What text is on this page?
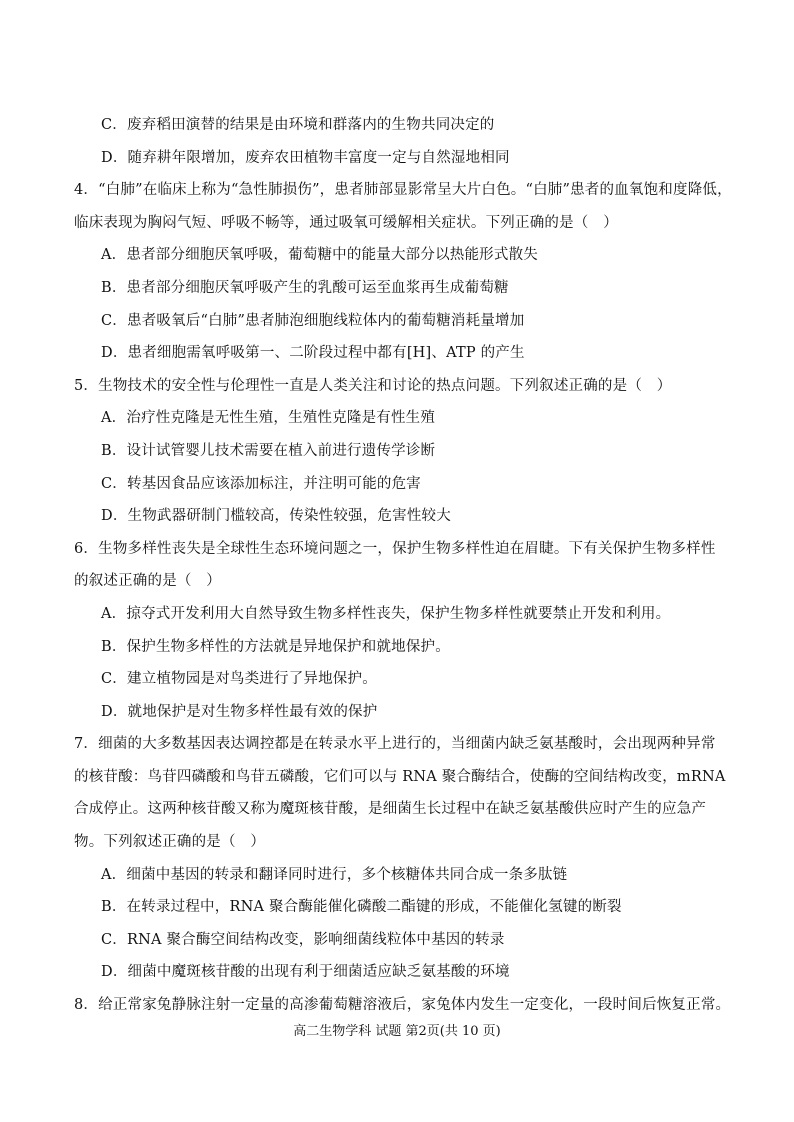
C．废弃稻田演替的结果是由环境和群落内的生物共同决定的
D．随弃耕年限增加，废弃农田植物丰富度一定与自然湿地相同
4．“白肺”在临床上称为“急性肺损伤”，患者肺部显影常呈大片白色。“白肺”患者的血氧饱和度降低，
临床表现为胸闷气短、呼吸不畅等，通过吸氧可缓解相关症状。下列正确的是（　）
A．患者部分细胞厌氧呼吸，葡萄糖中的能量大部分以热能形式散失
B．患者部分细胞厌氧呼吸产生的乳酸可运至血浆再生成葡萄糖
C．患者吸氧后“白肺”患者肺泡细胞线粒体内的葡萄糖消耗量增加
D．患者细胞需氧呼吸第一、二阶段过程中都有[H]、ATP 的产生
5．生物技术的安全性与伦理性一直是人类关注和讨论的热点问题。下列叙述正确的是（　）
A．治疗性克隆是无性生殖，生殖性克隆是有性生殖
B．设计试管婴儿技术需要在植入前进行遗传学诊断
C．转基因食品应该添加标注，并注明可能的危害
D．生物武器研制门槛较高，传染性较强，危害性较大
6．生物多样性丧失是全球性生态环境问题之一，保护生物多样性迫在眉睫。下有关保护生物多样性
的叙述正确的是（　）
A．掠夺式开发利用大自然导致生物多样性丧失，保护生物多样性就要禁止开发和利用。
B．保护生物多样性的方法就是异地保护和就地保护。
C．建立植物园是对鸟类进行了异地保护。
D．就地保护是对生物多样性最有效的保护
7．细菌的大多数基因表达调控都是在转录水平上进行的，当细菌内缺乏氨基酸时，会出现两种异常
的核苷酸：鸟苷四磷酸和鸟苷五磷酸，它们可以与 RNA 聚合酶结合，使酶的空间结构改变，mRNA
合成停止。这两种核苷酸又称为魔斑核苷酸，是细菌生长过程中在缺乏氨基酸供应时产生的应急产
物。下列叙述正确的是（　）
A．细菌中基因的转录和翻译同时进行，多个核糖体共同合成一条多肽链
B．在转录过程中，RNA 聚合酶能催化磷酸二酯键的形成，不能催化氢键的断裂
C．RNA 聚合酶空间结构改变，影响细菌线粒体中基因的转录
D．细菌中魔斑核苷酸的出现有利于细菌适应缺乏氨基酸的环境
8．给正常家兔静脉注射一定量的高渗葡萄糖溶液后，家兔体内发生一定变化，一段时间后恢复正常。
高二生物学科 试题 第2页(共 10 页)
